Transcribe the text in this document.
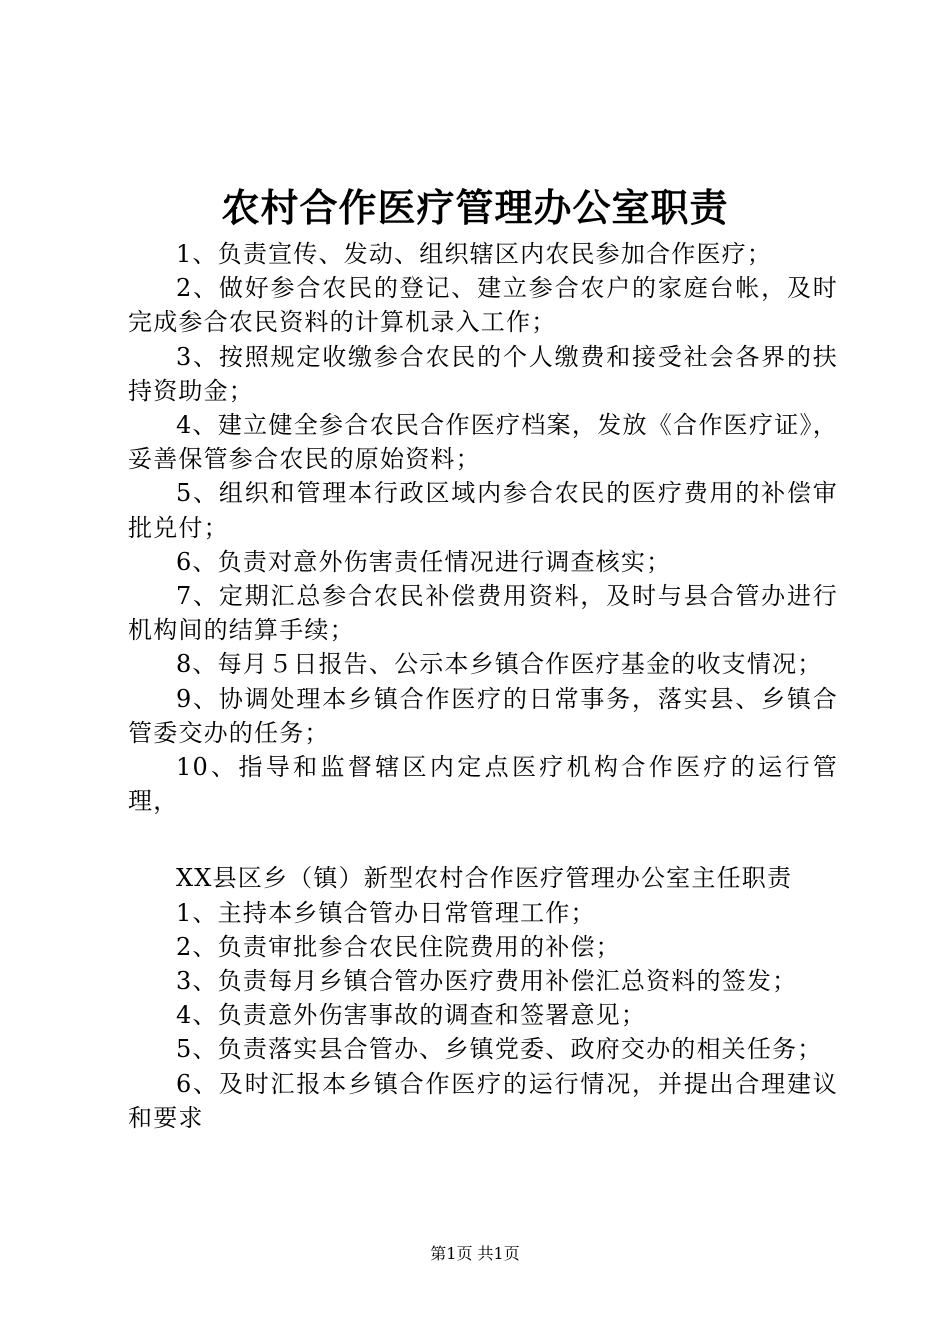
农村合作医疗管理办公室职责

1、负责宣传、发动、组织辖区内农民参加合作医疗；

2、做好参合农民的登记、建立参合农户的家庭台帐，及时完成参合农民资料的计算机录入工作；

3、按照规定收缴参合农民的个人缴费和接受社会各界的扶持资助金；

4、建立健全参合农民合作医疗档案，发放《合作医疗证》，妥善保管参合农民的原始资料；

5、组织和管理本行政区域内参合农民的医疗费用的补偿审批兑付；

6、负责对意外伤害责任情况进行调查核实；

7、定期汇总参合农民补偿费用资料，及时与县合管办进行机构间的结算手续；

8、每月５日报告、公示本乡镇合作医疗基金的收支情况；

9、协调处理本乡镇合作医疗的日常事务，落实县、乡镇合管委交办的任务；

10、指导和监督辖区内定点医疗机构合作医疗的运行管理，

XX县区乡（镇）新型农村合作医疗管理办公室主任职责

1、主持本乡镇合管办日常管理工作；

2、负责审批参合农民住院费用的补偿；

3、负责每月乡镇合管办医疗费用补偿汇总资料的签发；

4、负责意外伤害事故的调查和签署意见；

5、负责落实县合管办、乡镇党委、政府交办的相关任务；

6、及时汇报本乡镇合作医疗的运行情况，并提出合理建议和要求

第1页 共1页
